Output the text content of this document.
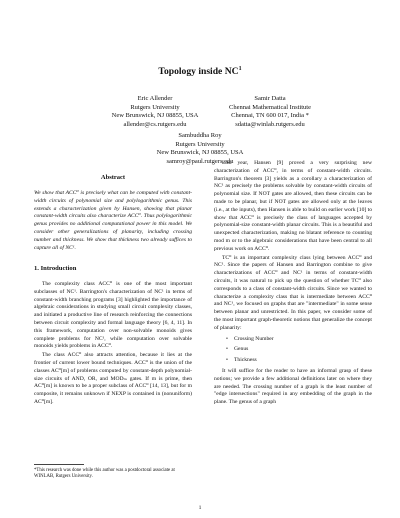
Topology inside $NC^1$
Eric Allender
Rutgers University
New Brunswick, NJ 08855, USA
allender@cs.rutgers.edu
Samir Datta
Chennai Mathematical Institute
Chennai, TN 600 017, India *
sdatta@winlab.rutgers.edu
Sambuddha Roy
Rutgers University
New Brunswick, NJ 08855, USA
samroy@paul.rutgers.edu
Abstract
We show that ACC⁰ is precisely what can be computed with constant-width circuits of polynomial size and polylogarithmic genus. This extends a characterization given by Hansen, showing that planar constant-width circuits also characterize ACC⁰. Thus polylogarithmic genus provides no additional computational power in this model. We consider other generalizations of planarity, including crossing number and thickness. We show that thickness two already suffices to capture all of NC¹.
1. Introduction

The complexity class ACC⁰ is one of the most important subclasses of NC¹. Barrington's characterization of NC¹ in terms of constant-width branching programs [3] highlighted the importance of algebraic considerations in studying small circuit complexity classes, and initiated a productive line of research reinforcing the connections between circuit complexity and formal language theory [6, 4, 11]. In this framework, computation over non-solvable monoids gives complete problems for NC¹, while computation over solvable monoids yields problems in ACC⁰.

The class ACC⁰ also attracts attention, because it lies at the frontier of current lower bound techniques. ACC⁰ is the union of the classes AC⁰[m] of problems computed by constant-depth polynomial-size circuits of AND, OR, and MODₘ gates. If m is prime, then AC⁰[m] is known to be a proper subclass of ACC⁰ [14, 13], but for m composite, it remains unknown if NEXP is contained in (nonuniform) AC⁰[m].

*This research was done while this author was a postdoctoral associate at WINLAB, Rutgers University.

Last year, Hansen [9] proved a very surprising new characterization of ACC⁰, in terms of constant-width circuits. Barrington's theorem [3] yields as a corollary a characterization of NC¹ as precisely the problems solvable by constant-width circuits of polynomial size. If NOT gates are allowed, then these circuits can be made to be planar, but if NOT gates are allowed only at the leaves (i.e., at the inputs), then Hansen is able to build on earlier work [10] to show that ACC⁰ is precisely the class of languages accepted by polynomial-size constant-width planar circuits. This is a beautiful and unexpected characterization, making no blatant reference to counting mod m or to the algebraic considerations that have been central to all previous work on ACC⁰.

TC⁰ is an important complexity class lying between ACC⁰ and NC¹. Since the papers of Hansen and Barrington combine to give characterizations of ACC⁰ and NC¹ in terms of constant-width circuits, it was natural to pick up the question of whether TC⁰ also corresponds to a class of constant-width circuits. Since we wanted to characterize a complexity class that is intermediate between ACC⁰ and NC¹, we focused on graphs that are "intermediate" in some sense between planar and unrestricted. In this paper, we consider some of the most important graph-theoretic notions that generalize the concept of planarity:

• Crossing Number
• Genus
• Thickness

It will suffice for the reader to have an informal grasp of these notions; we provide a few additional definitions later on where they are needed. The crossing number of a graph is the least number of "edge intersections" required in any embedding of the graph in the plane. The genus of a graph

1
